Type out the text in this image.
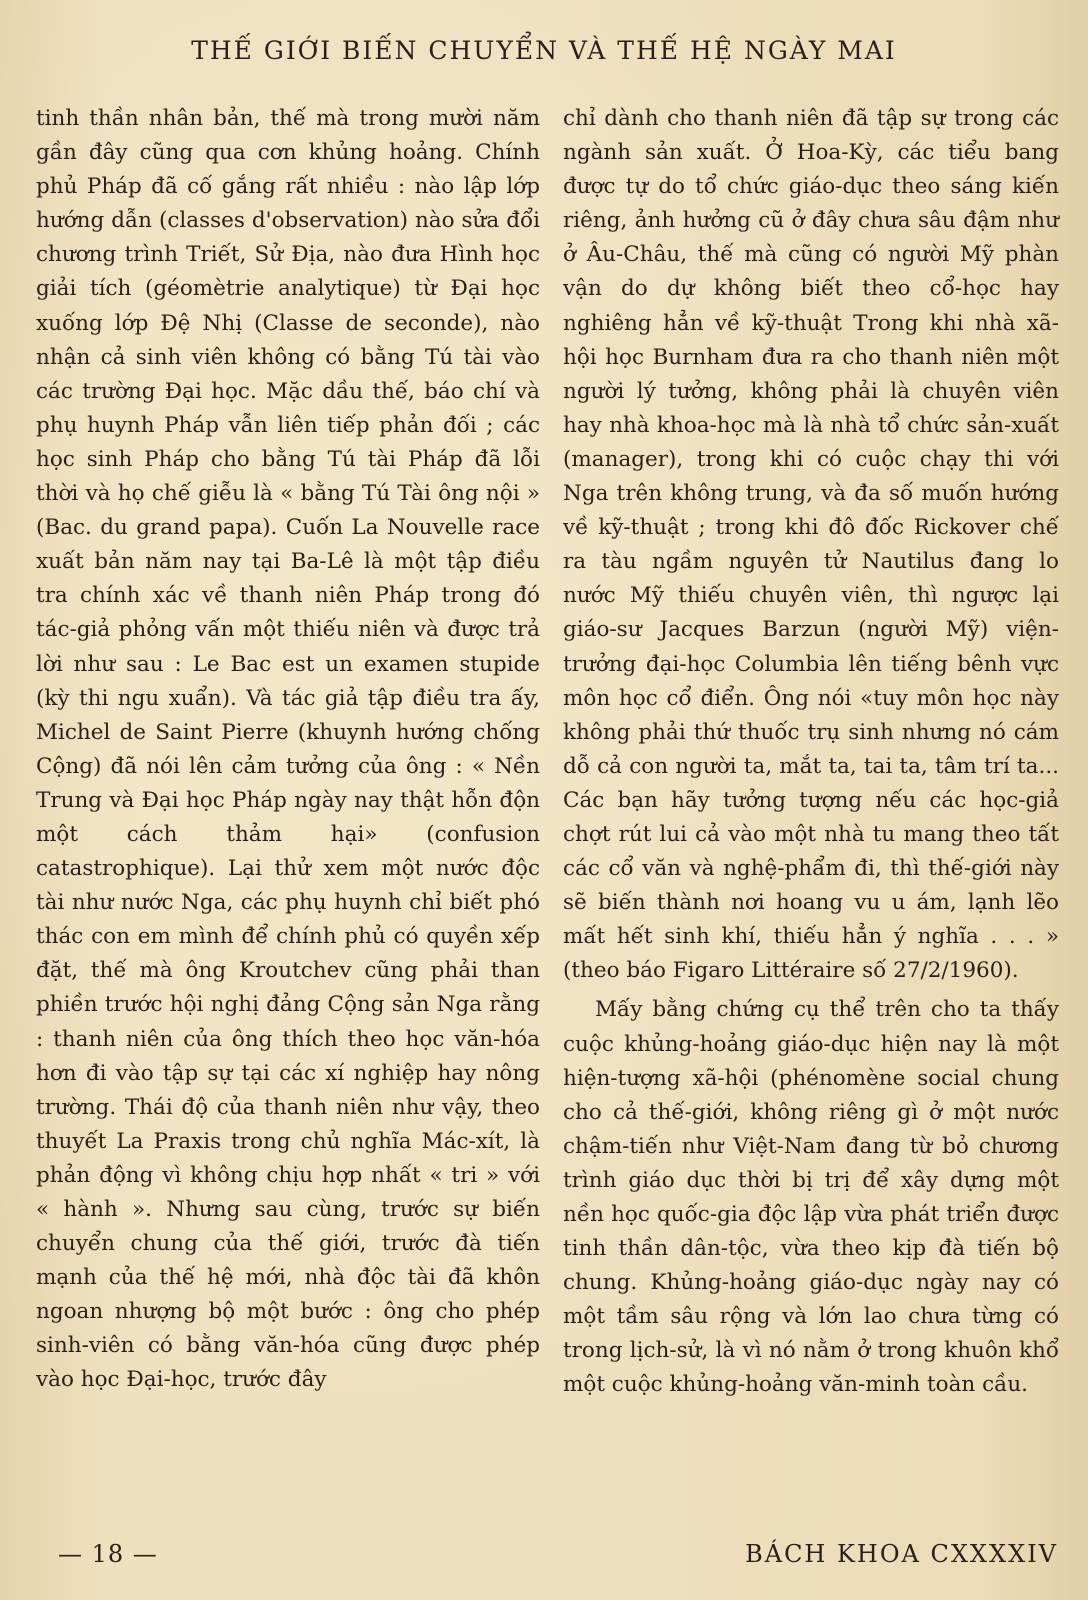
THẾ GIỚI BIẾN CHUYỂN VÀ THẾ HỆ NGÀY MAI

tinh thần nhân bản, thế mà trong mười năm gần đây cũng qua cơn khủng hoảng. Chính phủ Pháp đã cố gắng rất nhiều : nào lập lớp hướng dẫn (classes d'observation) nào sửa đổi chương trình Triết, Sử Địa, nào đưa Hình học giải tích (géomètrie analytique) từ Đại học xuống lớp Đệ Nhị (Classe de seconde), nào nhận cả sinh viên không có bằng Tú tài vào các trường Đại học. Mặc dầu thế, báo chí và phụ huynh Pháp vẫn liên tiếp phản đối ; các học sinh Pháp cho bằng Tú tài Pháp đã lỗi thời và họ chế giễu là « bằng Tú Tài ông nội » (Bac. du grand papa). Cuốn La Nouvelle race xuất bản năm nay tại Ba-Lê là một tập điều tra chính xác về thanh niên Pháp trong đó tác-giả phỏng vấn một thiếu niên và được trả lời như sau : Le Bac est un examen stupide (kỳ thi ngu xuẩn). Và tác giả tập điều tra ấy, Michel de Saint Pierre (khuynh hướng chống Cộng) đã nói lên cảm tưởng của ông : « Nền Trung và Đại học Pháp ngày nay thật hỗn độn một cách thảm hại» (confusion catastrophique). Lại thử xem một nước độc tài như nước Nga, các phụ huynh chỉ biết phó thác con em mình để chính phủ có quyền xếp đặt, thế mà ông Kroutchev cũng phải than phiền trước hội nghị đảng Cộng sản Nga rằng : thanh niên của ông thích theo học văn-hóa hơn đi vào tập sự tại các xí nghiệp hay nông trường. Thái độ của thanh niên như vậy, theo thuyết La Praxis trong chủ nghĩa Mác-xít, là phản động vì không chịu hợp nhất « tri » với « hành ». Nhưng sau cùng, trước sự biến chuyển chung của thế giới, trước đà tiến mạnh của thế hệ mới, nhà độc tài đã khôn ngoan nhượng bộ một bước : ông cho phép sinh-viên có bằng văn-hóa cũng được phép vào học Đại-học, trước đây

chỉ dành cho thanh niên đã tập sự trong các ngành sản xuất. Ở Hoa-Kỳ, các tiểu bang được tự do tổ chức giáo-dục theo sáng kiến riêng, ảnh hưởng cũ ở đây chưa sâu đậm như ở Âu-Châu, thế mà cũng có người Mỹ phàn vận do dự không biết theo cổ-học hay nghiêng hẳn về kỹ-thuật Trong khi nhà xã-hội học Burnham đưa ra cho thanh niên một người lý tưởng, không phải là chuyên viên hay nhà khoa-học mà là nhà tổ chức sản-xuất (manager), trong khi có cuộc chạy thi với Nga trên không trung, và đa số muốn hướng về kỹ-thuật ; trong khi đô đốc Rickover chế ra tàu ngầm nguyên tử Nautilus đang lo nước Mỹ thiếu chuyên viên, thì ngược lại giáo-sư Jacques Barzun (người Mỹ) viện-trưởng đại-học Columbia lên tiếng bênh vực môn học cổ điển. Ông nói «tuy môn học này không phải thứ thuốc trụ sinh nhưng nó cám dỗ cả con người ta, mắt ta, tai ta, tâm trí ta... Các bạn hãy tưởng tượng nếu các học-giả chợt rút lui cả vào một nhà tu mang theo tất các cổ văn và nghệ-phẩm đi, thì thế-giới này sẽ biến thành nơi hoang vu u ám, lạnh lẽo mất hết sinh khí, thiếu hẳn ý nghĩa . . . » (theo báo Figaro Littéraire số 27/2/1960).

Mấy bằng chứng cụ thể trên cho ta thấy cuộc khủng-hoảng giáo-dục hiện nay là một hiện-tượng xã-hội (phénomène social chung cho cả thế-giới, không riêng gì ở một nước chậm-tiến như Việt-Nam đang từ bỏ chương trình giáo dục thời bị trị để xây dựng một nền học quốc-gia độc lập vừa phát triển được tinh thần dân-tộc, vừa theo kịp đà tiến bộ chung. Khủng-hoảng giáo-dục ngày nay có một tầm sâu rộng và lớn lao chưa từng có trong lịch-sử, là vì nó nằm ở trong khuôn khổ một cuộc khủng-hoảng văn-minh toàn cầu.

— 18 —	BÁCH KHOA CXXXXIV
